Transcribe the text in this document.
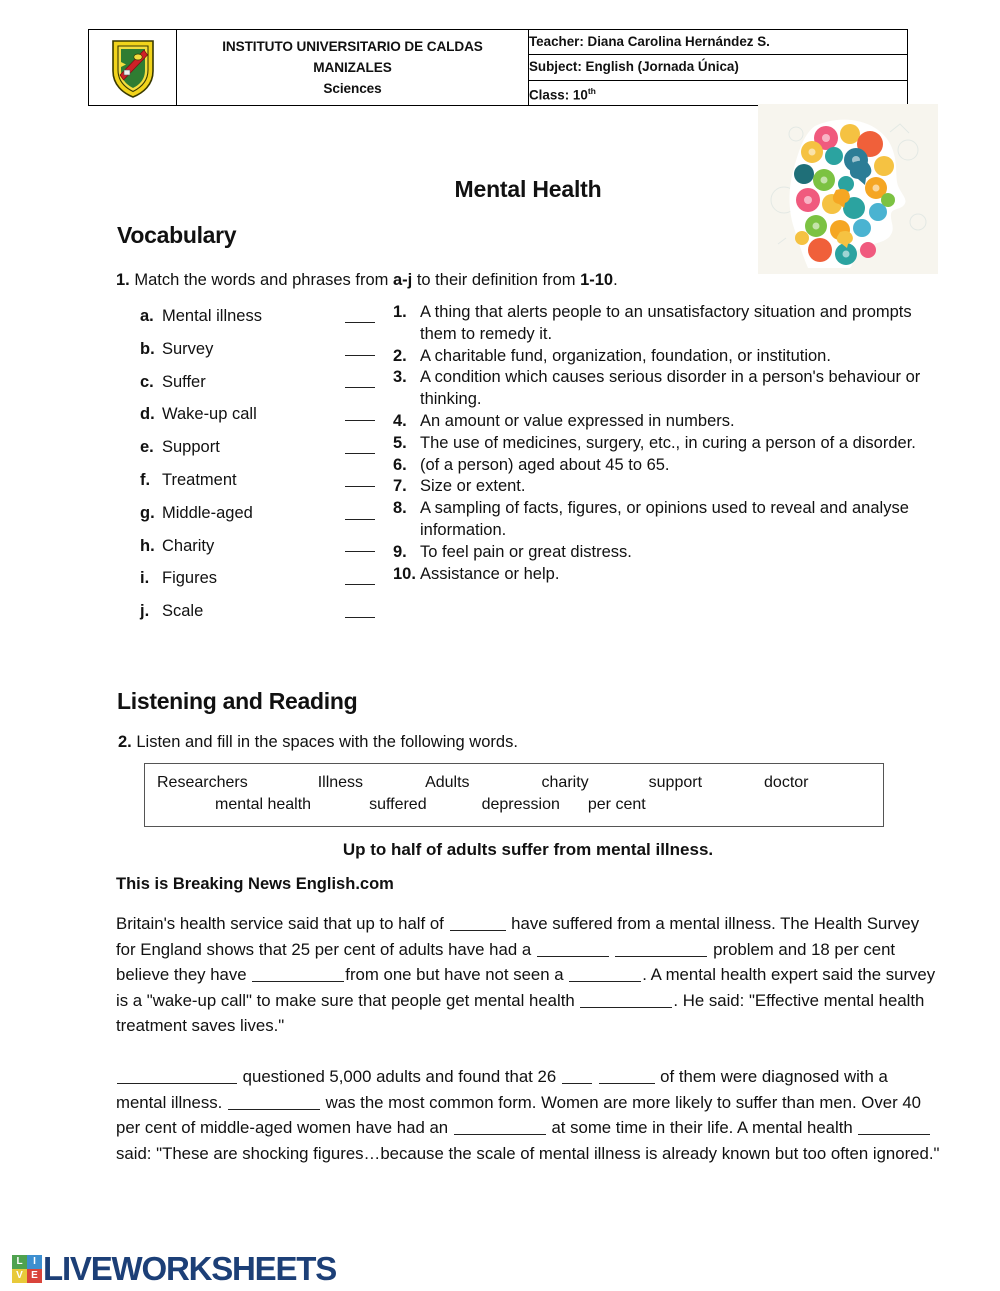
INSTITUTO UNIVERSITARIO DE CALDAS
MANIZALES
Sciences

Teacher: Diana Carolina Hernández S.

Subject: English (Jornada Única)

Class: 10th
Mental Health
Vocabulary
1. Match the words and phrases from a-j to their definition from 1-10.
a. Mental illness
b. Survey
c. Suffer
d. Wake-up call
e. Support
f. Treatment
g. Middle-aged
h. Charity
i. Figures
j. Scale
1. A thing that alerts people to an unsatisfactory situation and prompts them to remedy it.
2. A charitable fund, organization, foundation, or institution.
3. A condition which causes serious disorder in a person's behaviour or thinking.
4. An amount or value expressed in numbers.
5. The use of medicines, surgery, etc., in curing a person of a disorder.
6. (of a person) aged about 45 to 65.
7. Size or extent.
8. A sampling of facts, figures, or opinions used to reveal and analyse information.
9. To feel pain or great distress.
10. Assistance or help.
Listening and Reading
2. Listen and fill in the spaces with the following words.
Researchers	Illness	Adults	charity	support	doctor
mental health	suffered	depression per cent
Up to half of adults suffer from mental illness.
This is Breaking News English.com
Britain's health service said that up to half of	have suffered from a mental illness. The Health Survey for England shows that 25 per cent of adults have had a	problem and 18 per cent believe they have	from one but have not seen a	. A mental health expert said the survey is a "wake-up call" to make sure that people get mental health	. He said: "Effective mental health treatment saves lives."
questioned 5,000 adults and found that 26	of them were diagnosed with a mental illness.	was the most common form. Women are more likely to suffer than men. Over 40 per cent of middle-aged women have had an	at some time in their life. A mental health  said: "These are shocking figures…because the scale of mental illness is already known but too often ignored."
L	I
V E LIVEWORKSHEETS
